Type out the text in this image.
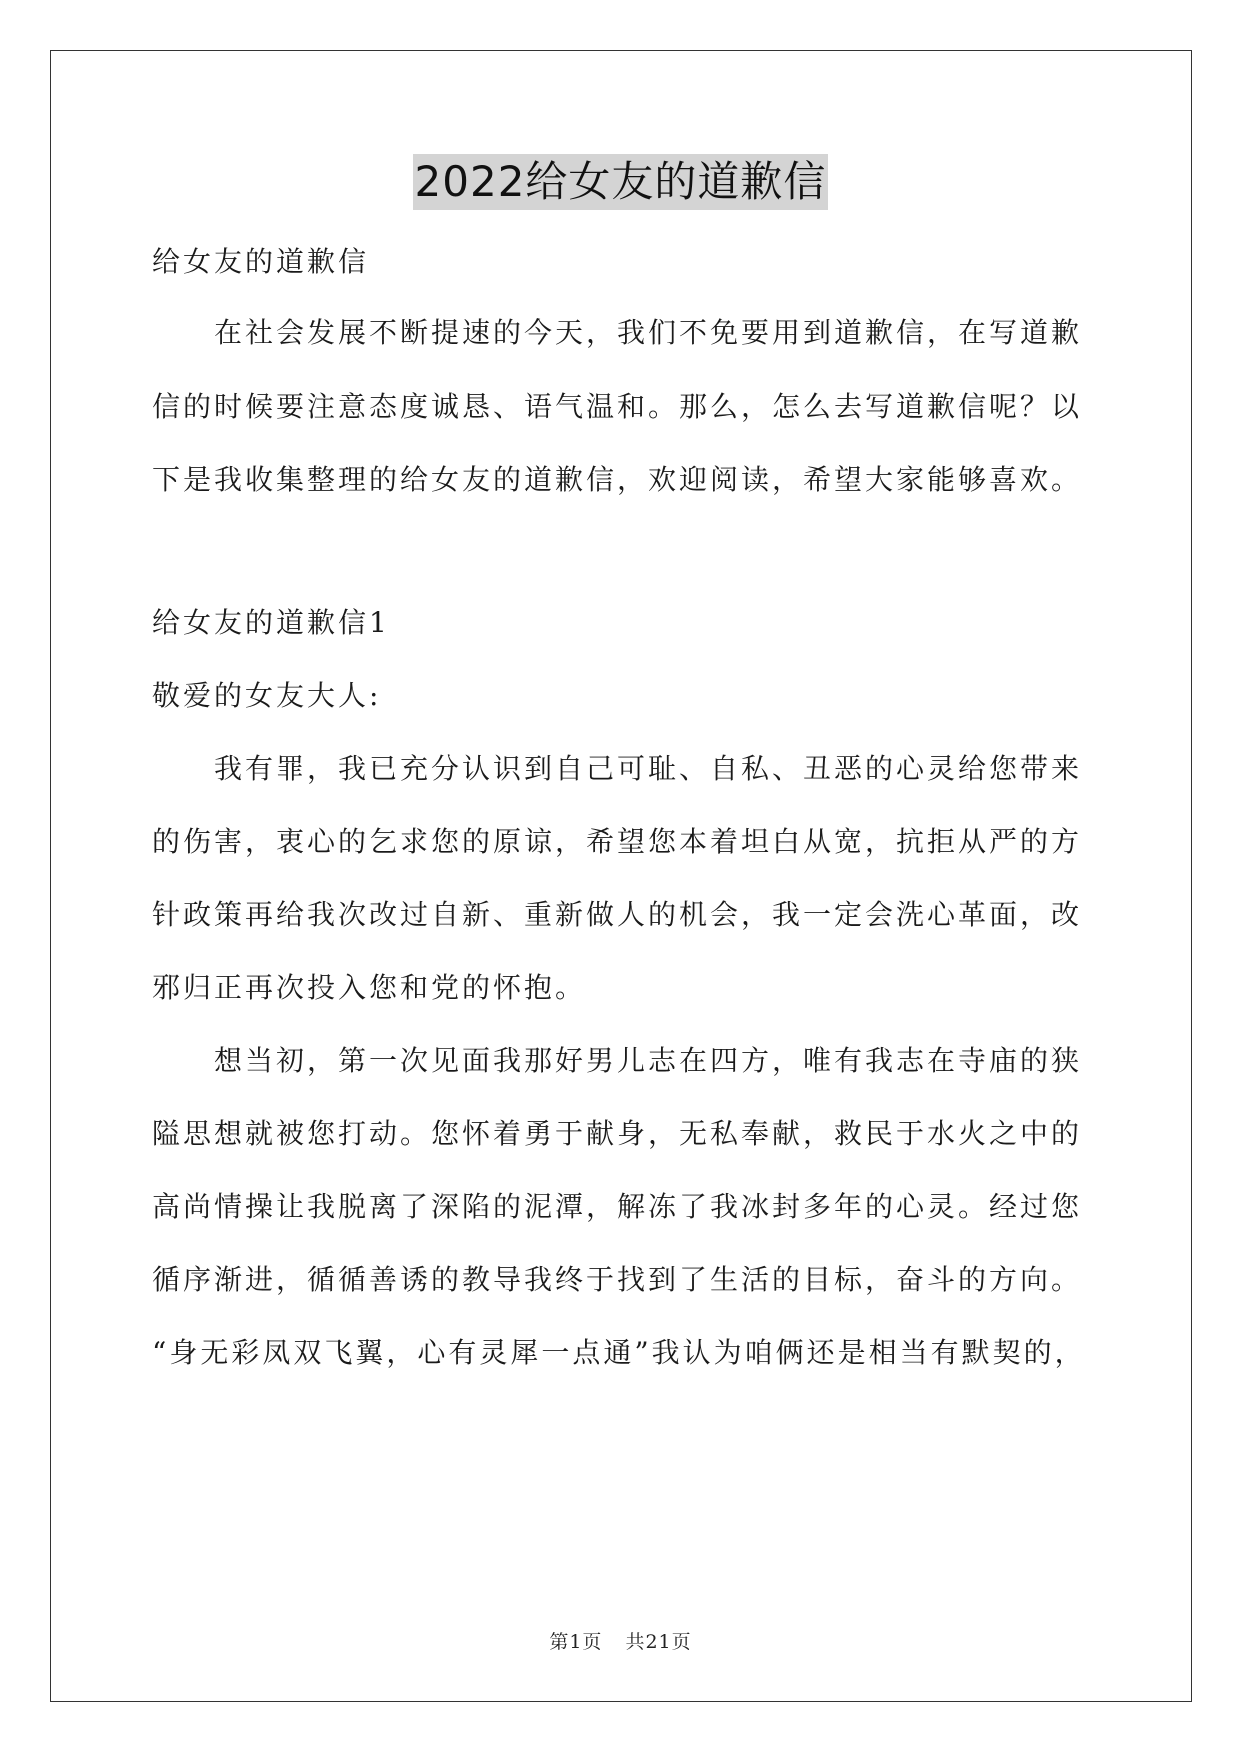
2022给女友的道歉信
给女友的道歉信
　　在社会发展不断提速的今天，我们不免要用到道歉信，在写道歉
信的时候要注意态度诚恳、语气温和。那么，怎么去写道歉信呢？以
下是我收集整理的给女友的道歉信，欢迎阅读，希望大家能够喜欢。
给女友的道歉信1
敬爱的女友大人:
　　我有罪，我已充分认识到自己可耻、自私、丑恶的心灵给您带来
的伤害，衷心的乞求您的原谅，希望您本着坦白从宽，抗拒从严的方
针政策再给我次改过自新、重新做人的机会，我一定会洗心革面，改
邪归正再次投入您和党的怀抱。
　　想当初，第一次见面我那好男儿志在四方，唯有我志在寺庙的狭
隘思想就被您打动。您怀着勇于献身，无私奉献，救民于水火之中的
高尚情操让我脱离了深陷的泥潭，解冻了我冰封多年的心灵。经过您
循序渐进，循循善诱的教导我终于找到了生活的目标，奋斗的方向。
“身无彩凤双飞翼，心有灵犀一点通”我认为咱俩还是相当有默契的，
第1页 共21页
